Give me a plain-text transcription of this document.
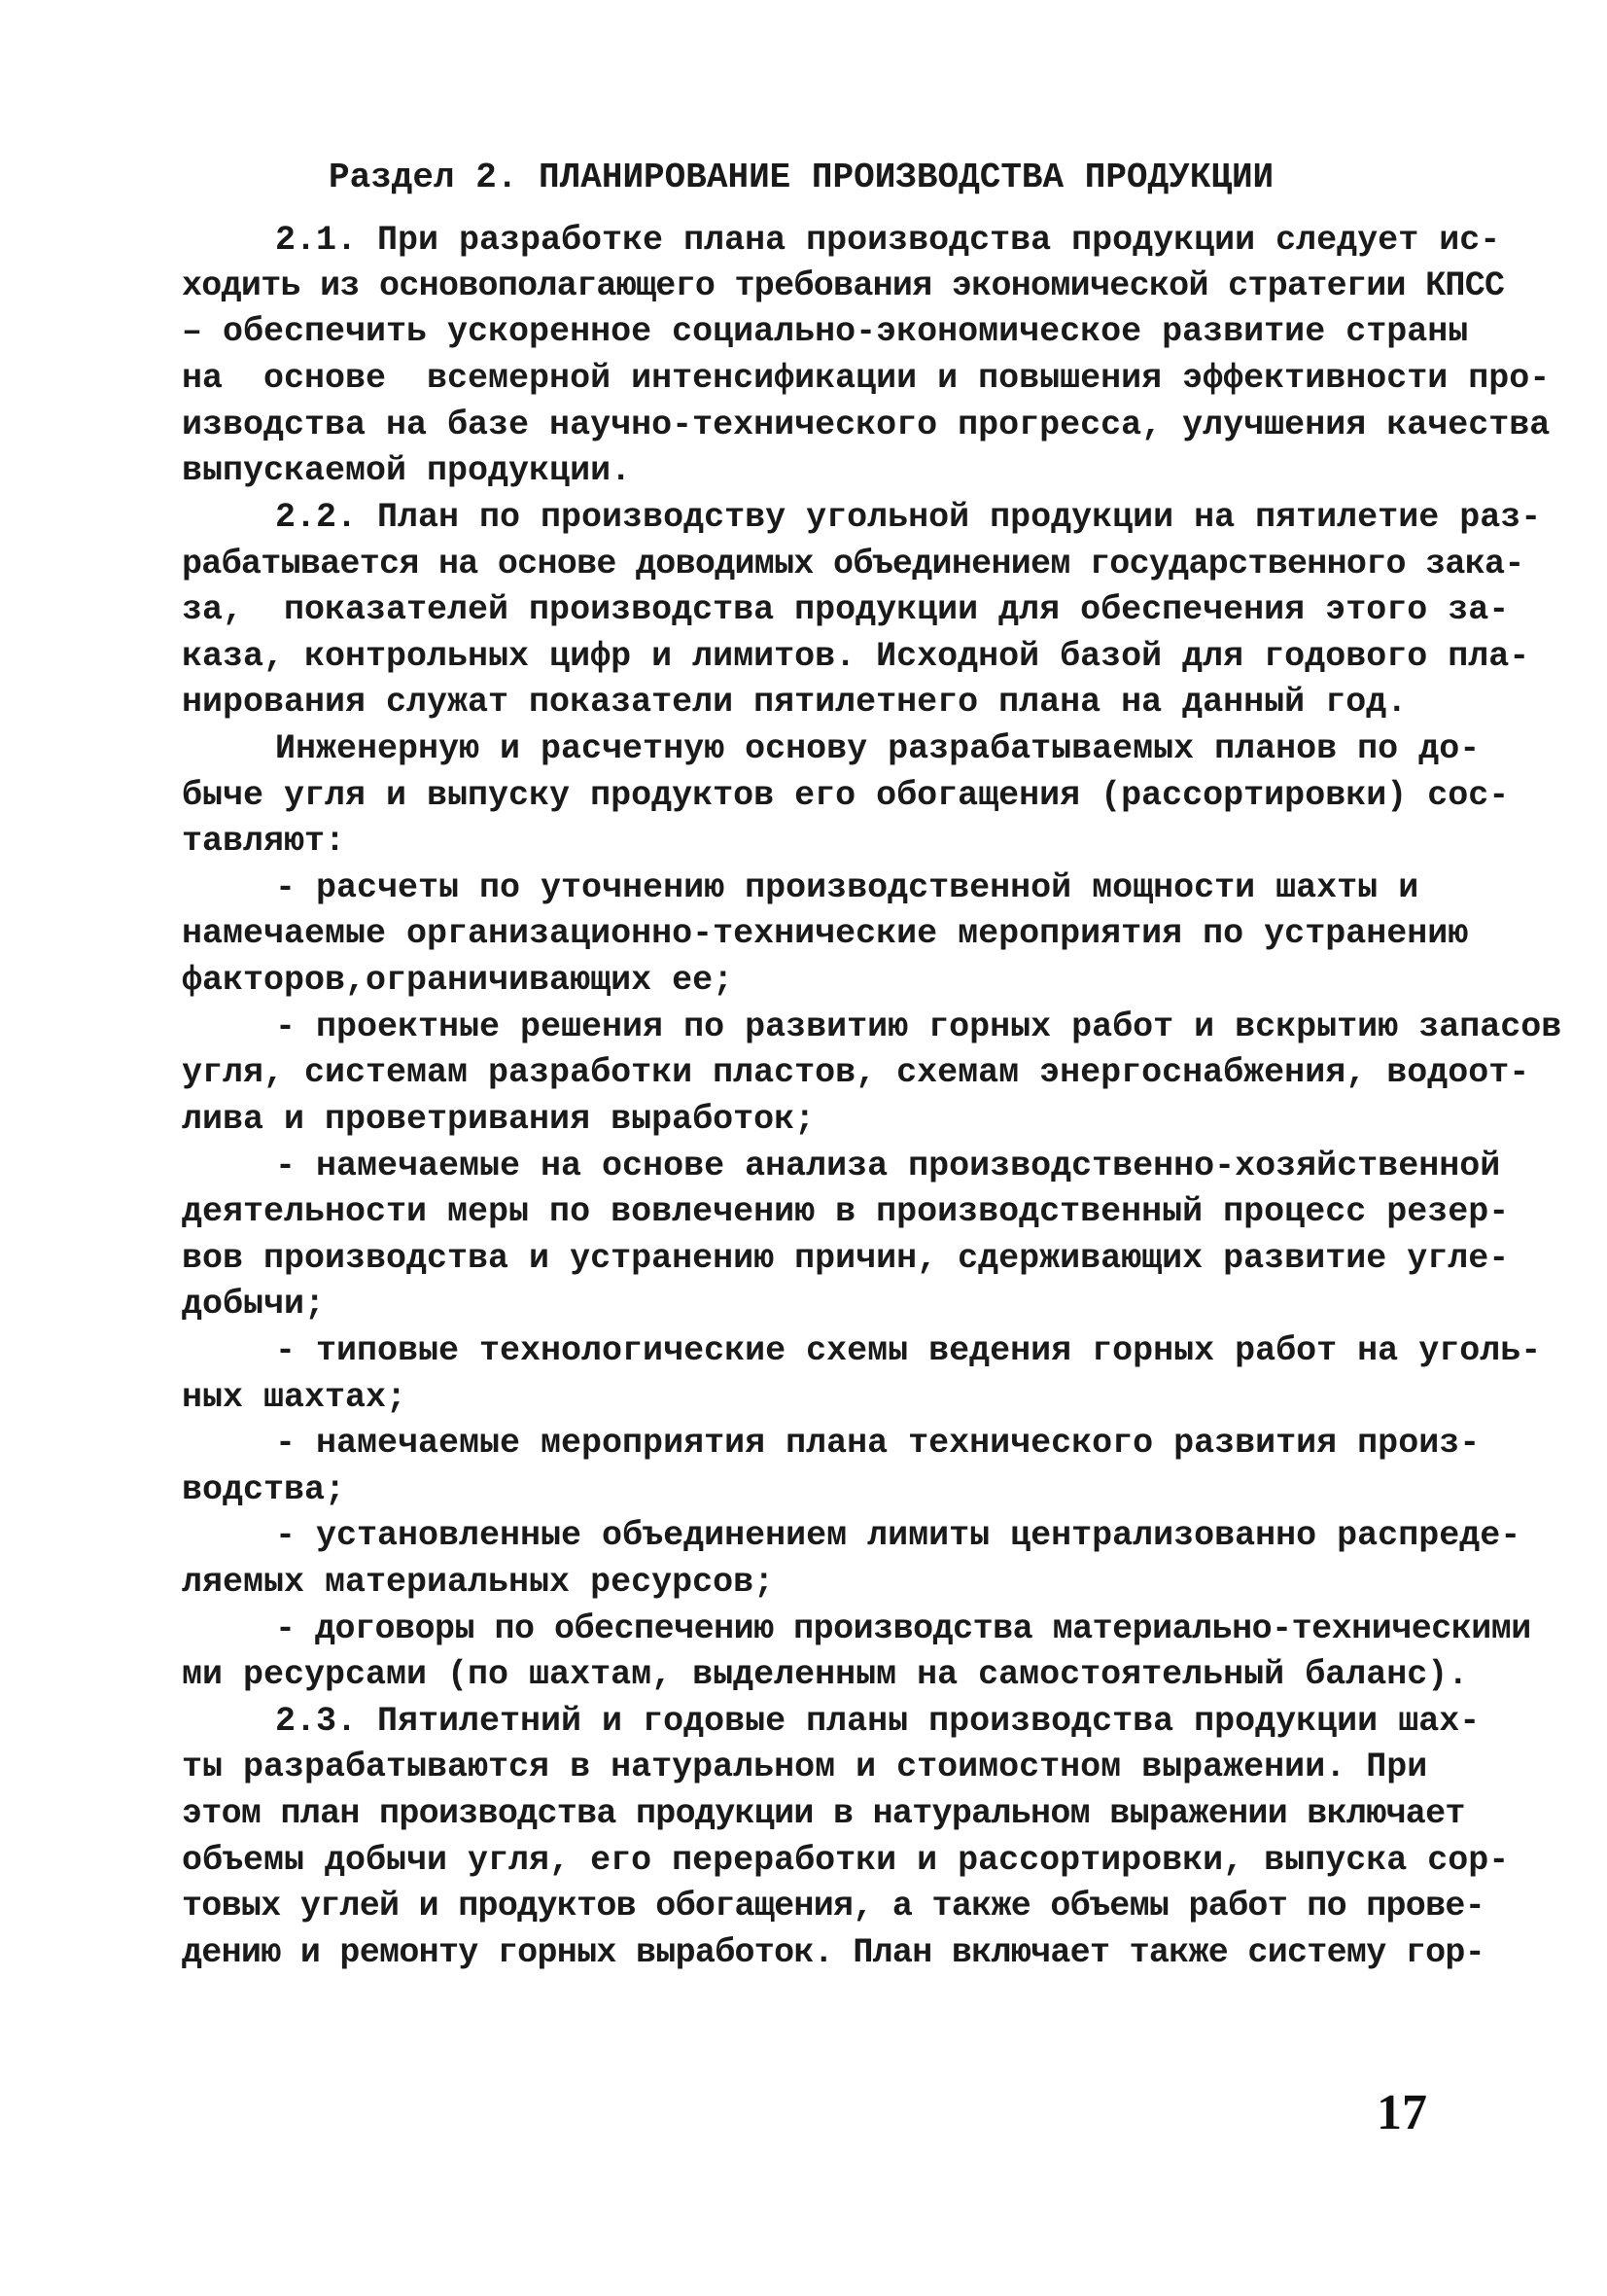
Раздел 2. ПЛАНИРОВАНИЕ ПРОИЗВОДСТВА ПРОДУКЦИИ
2.1. При разработке плана производства продукции следует ис-
ходить из основополагающего требования экономической стратегии КПСС
– обеспечить ускоренное социально-экономическое развитие страны
на  основе  всемерной интенсификации и повышения эффективности про-
изводства на базе научно-технического прогресса, улучшения качества
выпускаемой продукции.
2.2. План по производству угольной продукции на пятилетие раз-
рабатывается на основе доводимых объединением государственного зака-
за,  показателей производства продукции для обеспечения этого за-
каза, контрольных цифр и лимитов. Исходной базой для годового пла-
нирования служат показатели пятилетнего плана на данный год.
Инженерную и расчетную основу разрабатываемых планов по до-
быче угля и выпуску продуктов его обогащения (рассортировки) сос-
тавляют:
- расчеты по уточнению производственной мощности шахты и
намечаемые организационно-технические мероприятия по устранению
факторов,ограничивающих ее;
- проектные решения по развитию горных работ и вскрытию запасов
угля, системам разработки пластов, схемам энергоснабжения, водоот-
лива и проветривания выработок;
- намечаемые на основе анализа производственно-хозяйственной
деятельности меры по вовлечению в производственный процесс резер-
вов производства и устранению причин, сдерживающих развитие угле-
добычи;
- типовые технологические схемы ведения горных работ на уголь-
ных шахтах;
- намечаемые мероприятия плана технического развития произ-
водства;
- установленные объединением лимиты централизованно распреде-
ляемых материальных ресурсов;
- договоры по обеспечению производства материально-техническими
ми ресурсами (по шахтам, выделенным на самостоятельный баланс).
2.3. Пятилетний и годовые планы производства продукции шах-
ты разрабатываются в натуральном и стоимостном выражении. При
этом план производства продукции в натуральном выражении включает
объемы добычи угля, его переработки и рассортировки, выпуска сор-
товых углей и продуктов обогащения, а также объемы работ по прове-
дению и ремонту горных выработок. План включает также систему гор-
17
